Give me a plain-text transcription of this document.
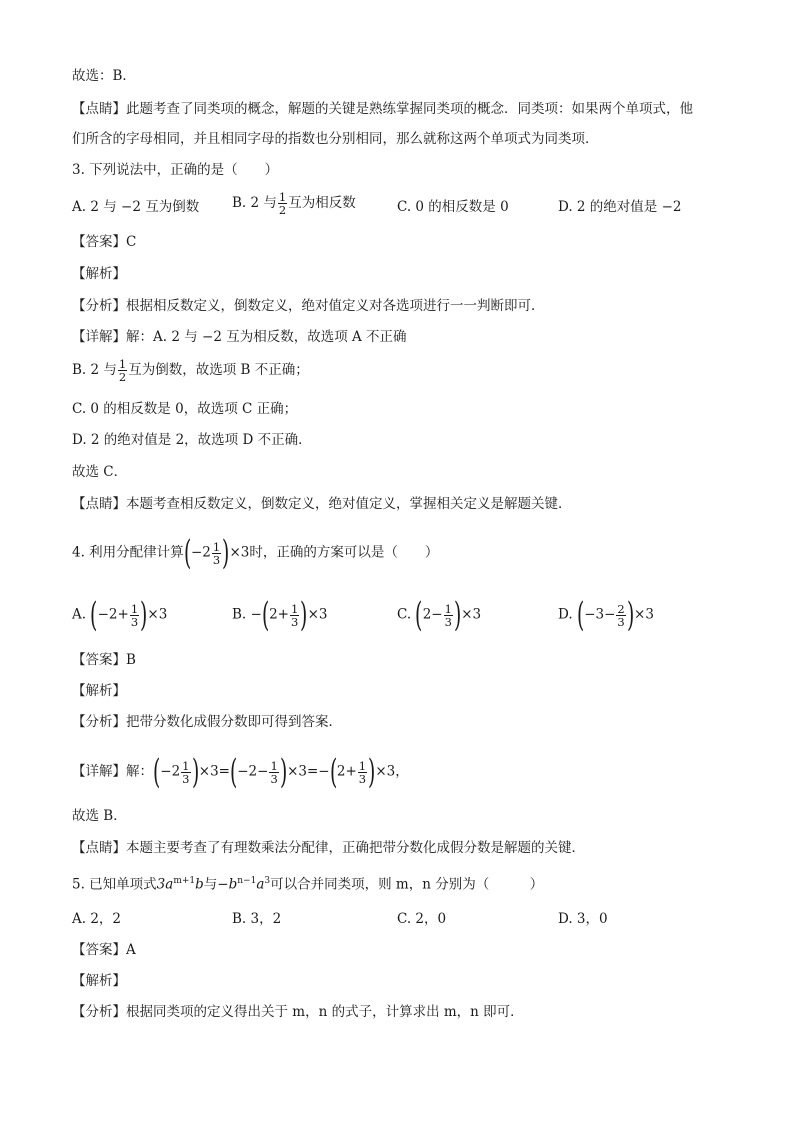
故选：B．
【点睛】此题考查了同类项的概念，解题的关键是熟练掌握同类项的概念．同类项：如果两个单项式，他
们所含的字母相同，并且相同字母的指数也分别相同，那么就称这两个单项式为同类项．
3. 下列说法中，正确的是（　　）
A. 2 与 −2 互为倒数 B. 2 与 $\frac{1}{2}$ 互为相反数	C. 0 的相反数是 0	D. 2 的绝对值是 −2
【答案】C
【解析】
【分析】根据相反数定义，倒数定义，绝对值定义对各选项进行一一判断即可．
【详解】解：A. 2 与 −2 互为相反数，故选项 A 不正确
B. 2 与 $\frac{1}{2}$ 互为倒数，故选项 B 不正确；
C. 0 的相反数是 0，故选项 C 正确；
D. 2 的绝对值是 2，故选项 D 不正确．
故选 C．
【点睛】本题考查相反数定义，倒数定义，绝对值定义，掌握相关定义是解题关键．
4. 利用分配律计算$(-2 \frac{1}{3} )\times 3$时，正确的方案可以是（　　）
A. $(-2+ \frac{1}{3} )\times 3$	B. $-(2+ \frac{1}{3} )\times 3$	C. $(2- \frac{1}{3} )\times 3$	D. $(-3- \frac{2}{3} )\times 3$
【答案】B
【解析】
【分析】把带分数化成假分数即可得到答案．
【详解】解：$(-2 \frac{1}{3} )\times 3=(-2- \frac{1}{3} )\times 3=-(2+ \frac{1}{3} )\times 3$，
故选 B．
【点睛】本题主要考查了有理数乘法分配律，正确把带分数化成假分数是解题的关键．
5. 已知单项式$3a^{m+1}b$与$-b^{n-1}a^3$可以合并同类项，则 m，n 分别为（　　　）
A. 2，2	B. 3，2	C. 2，0	D. 3，0
【答案】A
【解析】
【分析】根据同类项的定义得出关于 m，n 的式子，计算求出 m，n 即可．
